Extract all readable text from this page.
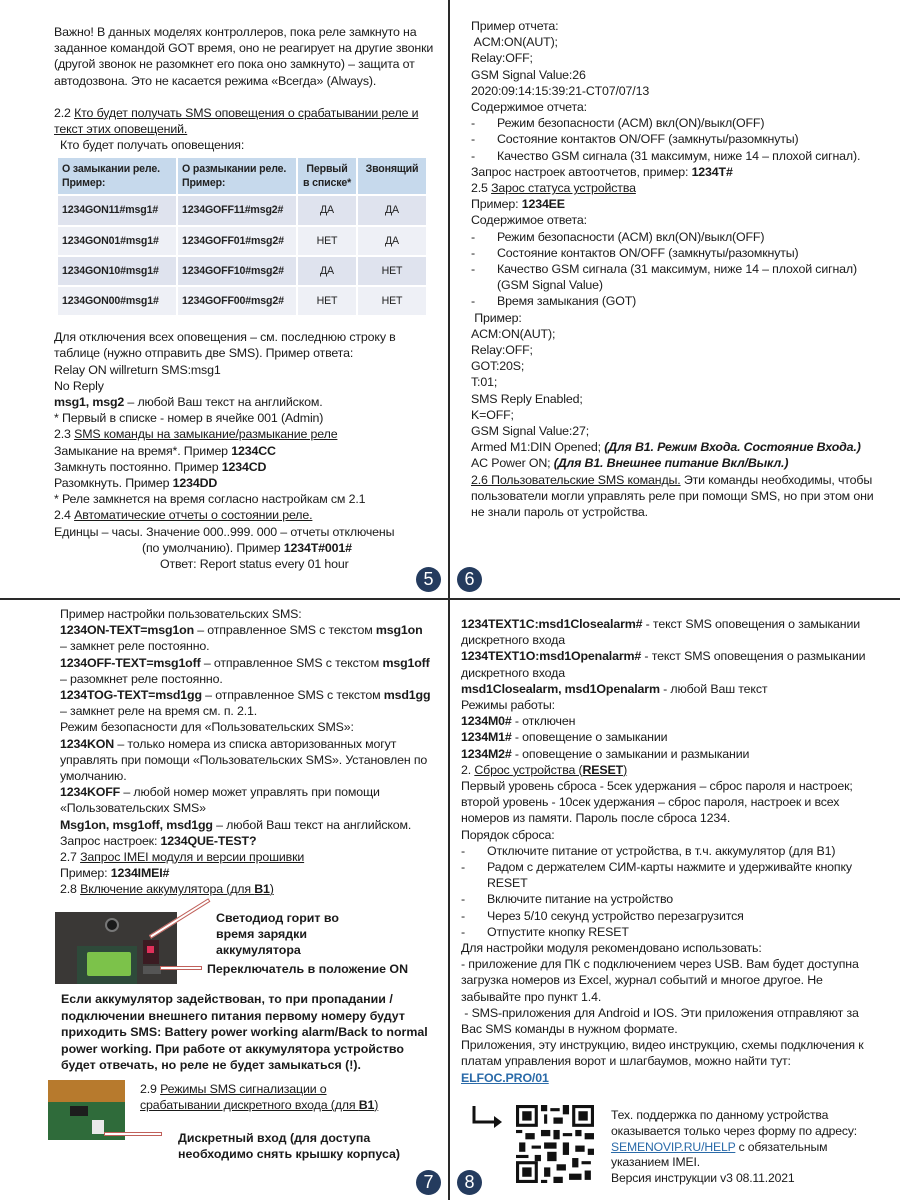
Важно! В данных моделях контроллеров, пока реле замкнуто на заданное командой GOT время, оно не реагирует на другие звонки (другой звонок не разомкнет его пока оно замкнуто) – защита от автодозвона. Это не касается режима «Всегда» (Always).
2.2 Кто будет получать SMS оповещения о срабатывании реле и текст этих оповещений.
Кто будет получать оповещения:
О замыкании реле. Пример:	О размыкании реле. Пример:	Первый в списке*	Звонящий
1234GON11#msg1#	1234GOFF11#msg2#	ДА	ДА
1234GON01#msg1#	1234GOFF01#msg2#	НЕТ	ДА
1234GON10#msg1#	1234GOFF10#msg2#	ДА	НЕТ
1234GON00#msg1#	1234GOFF00#msg2#	НЕТ	НЕТ
Для отключения всех оповещения – см. последнюю строку в таблице (нужно отправить две SMS). Пример ответа:
Relay ON willreturn SMS:msg1
No Reply
msg1, msg2 – любой Ваш текст на английском.
* Первый в списке - номер в ячейке 001 (Admin)
2.3 SMS команды на замыкание/размыкание реле
Замыкание на время*. Пример 1234CC
Замкнуть постоянно. Пример 1234CD
Разомкнуть. Пример 1234DD
* Реле замкнется на время согласно настройкам см 2.1
2.4 Автоматические отчеты о состоянии реле.
Единцы – часы. Значение 000..999. 000 – отчеты отключены
(по умолчанию). Пример 1234T#001#
Ответ: Report status every 01 hour
5
Пример отчета:
ACM:ON(AUT);
Relay:OFF;
GSM Signal Value:26
2020:09:14:15:39:21-CT07/07/13
Содержимое отчета:
-	Режим безопасности (ACM) вкл(ON)/выкл(OFF)
-	Состояние контактов ON/OFF (замкнуты/разомкнуты)
-	Качество GSM сигнала (31 максимум, ниже 14 – плохой сигнал).
Запрос настроек автоотчетов, пример: 1234T#
2.5 Зарос статуса устройства
Пример: 1234EE
Содержимое ответа:
-	Режим безопасности (ACM) вкл(ON)/выкл(OFF)
-	Состояние контактов ON/OFF (замкнуты/разомкнуты)
-	Качество GSM сигнала (31 максимум, ниже 14 – плохой сигнал) (GSM Signal Value)
-	Время замыкания (GOT)
Пример:
ACM:ON(AUT);
Relay:OFF;
GOT:20S;
T:01;
SMS Reply Enabled;
K=OFF;
GSM Signal Value:27;
Armed M1:DIN Opened; (Для B1. Режим Входа. Состояние Входа.)
AC Power ON; (Для B1. Внешнее питание Вкл/Выкл.)
2.6 Пользовательские SMS команды. Эти команды необходимы, чтобы пользователи могли управлять реле при помощи SMS, но при этом они не знали пароль от устройства.
6
Пример настройки пользовательских SMS:
1234ON-TEXT=msg1on – отправленное SMS с текстом msg1on
– замкнет реле постоянно.
1234OFF-TEXT=msg1off – отправленное SMS с текстом msg1off
– разомкнет реле постоянно.
1234TOG-TEXT=msd1gg – отправленное SMS с текстом msd1gg
– замкнет реле на время см. п. 2.1.
Режим безопасности для «Пользовательских SMS»:
1234KON – только номера из списка авторизованных могут управлять при помощи «Пользовательских SMS». Установлен по умолчанию.
1234KOFF – любой номер может управлять при помощи «Пользовательских SMS»
Msg1on, msg1off, msd1gg – любой Ваш текст на английском.
Запрос настроек: 1234QUE-TEST?
2.7 Запрос IMEI модуля и версии прошивки
Пример: 1234IMEI#
2.8 Включение аккумулятора (для B1)
Светодиод горит во время зарядки аккумулятора
Переключатель в положение ON
Если аккумулятор задействован, то при пропадании / подключении внешнего питания первому номеру будут приходить SMS: Battery power working alarm/Back to normal power working. При работе от аккумулятора устройство будет отвечать, но реле не будет замыкаться (!).
2.9 Режимы SMS сигнализации о срабатывании дискретного входа (для B1)
Дискретный вход (для доступа необходимо снять крышку корпуса)
7
1234TEXT1C:msd1Closealarm# - текст SMS оповещения о замыкании дискретного входа
1234TEXT1O:msd1Openalarm# - текст SMS оповещения о размыкании дискретного входа
msd1Closealarm, msd1Openalarm - любой Ваш текст
Режимы работы:
1234M0# - отключен
1234M1# - оповещение о замыкании
1234M2# - оповещение о замыкании и размыкании
2. Сброс устройства (RESET)
Первый уровень сброса - 5сек удержания – сброс пароля и настроек; второй уровень - 10сек удержания – сброс пароля, настроек и всех номеров из памяти. Пароль после сброса 1234.
Порядок сброса:
-	Отключите питание от устройства, в т.ч. аккумулятор (для B1)
-	Радом с держателем СИМ-карты нажмите и удерживайте кнопку RESET
-	Включите питание на устройство
-	Через 5/10 секунд устройство перезагрузится
-	Отпустите кнопку RESET
Для настройки модуля рекомендовано использовать:
- приложение для ПК с подключением через USB. Вам будет доступна загрузка номеров из Excel, журнал событий и многое другое. Не забывайте про пункт 1.4.
- SMS-приложения для Android и IOS. Эти приложения отправляют за Вас SMS команды в нужном формате.
Приложения, эту инструкцию, видео инструкцию, схемы подключения к платам управления ворот и шлагбаумов, можно найти тут: ELFOC.PRO/01
Тех. поддержка по данному устройства оказывается только через форму по адресу: SEMENOVIP.RU/HELP с обязательным указанием IMEI.
Версия инструкции v3 08.11.2021
8
